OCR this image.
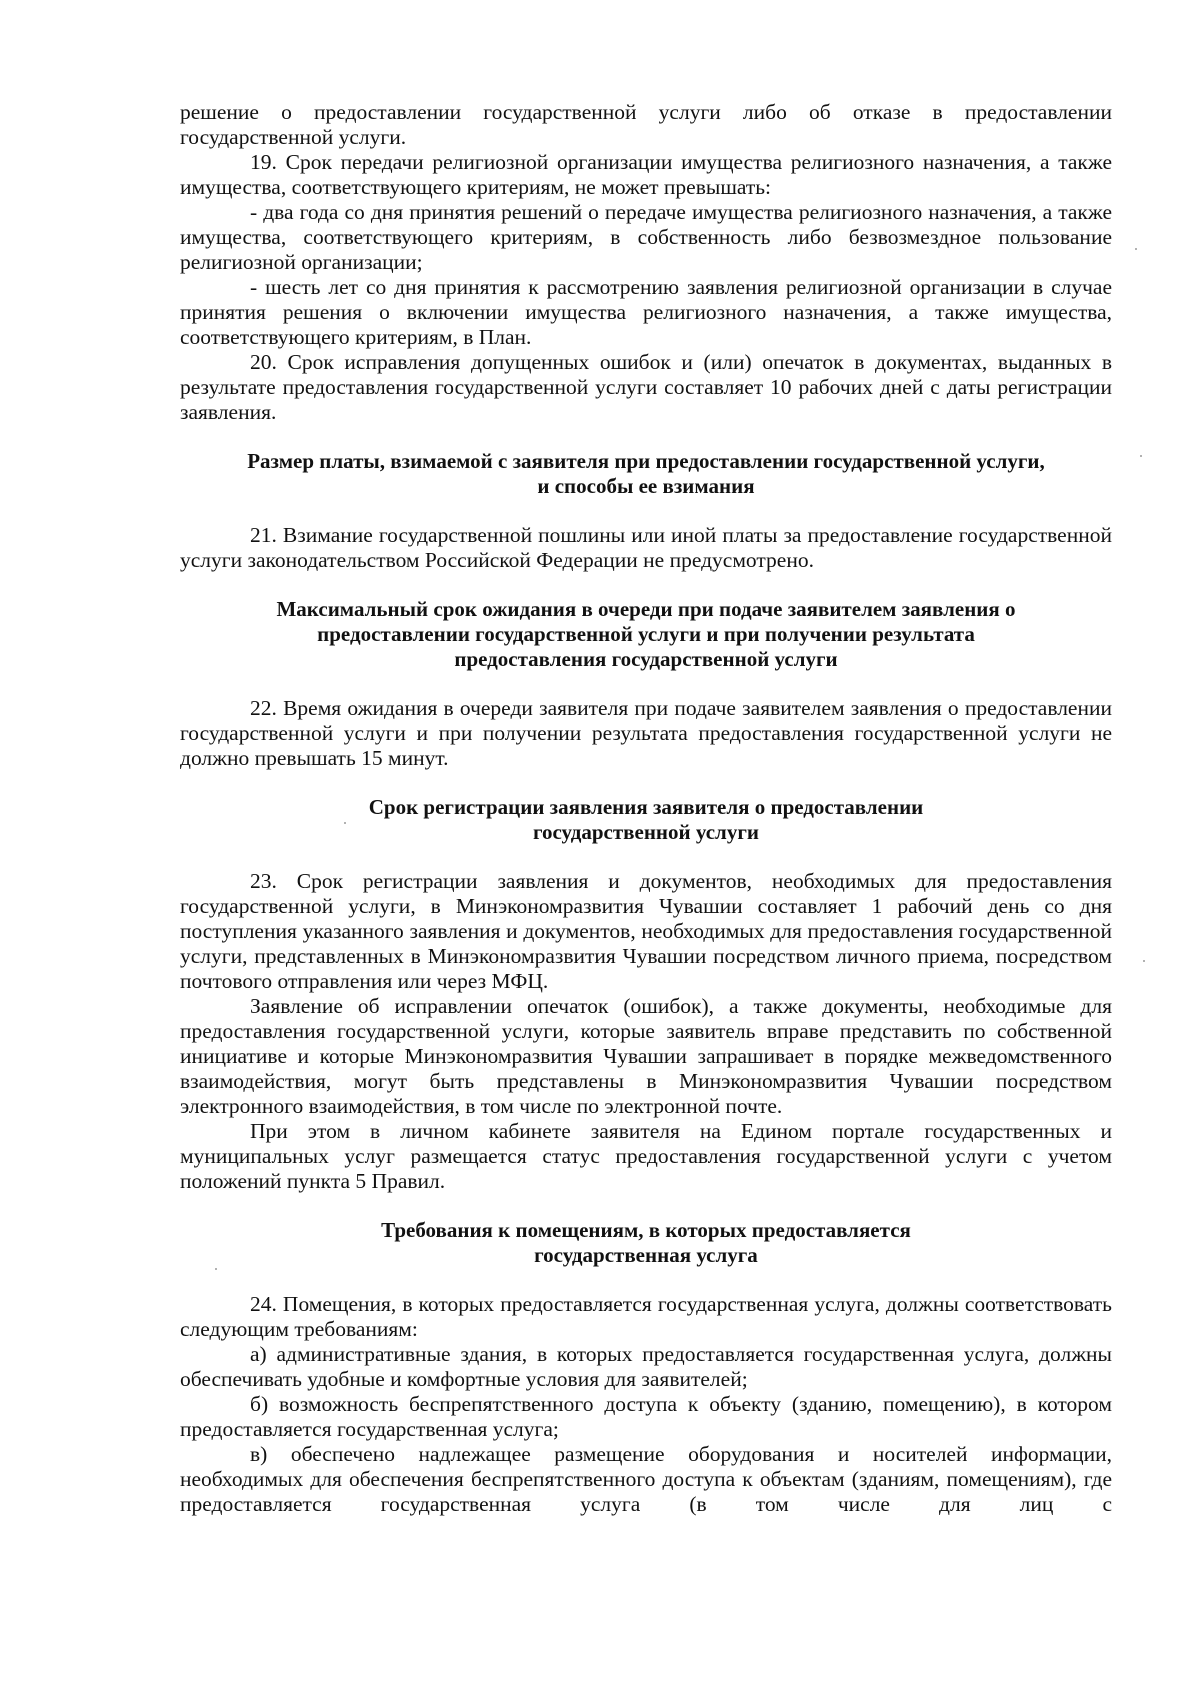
решение о предоставлении государственной услуги либо об отказе в предоставлении государственной услуги.

19. Срок передачи религиозной организации имущества религиозного назначения, а также имущества, соответствующего критериям, не может превышать:

- два года со дня принятия решений о передаче имущества религиозного назначения, а также имущества, соответствующего критериям, в собственность либо безвозмездное пользование религиозной организации;

- шесть лет со дня принятия к рассмотрению заявления религиозной организации в случае принятия решения о включении имущества религиозного назначения, а также имущества, соответствующего критериям, в План.

20. Срок исправления допущенных ошибок и (или) опечаток в документах, выданных в результате предоставления государственной услуги составляет 10 рабочих дней с даты регистрации заявления.

Размер платы, взимаемой с заявителя при предоставлении государственной услуги,
и способы ее взимания

21. Взимание государственной пошлины или иной платы за предоставление государственной услуги законодательством Российской Федерации не предусмотрено.

Максимальный срок ожидания в очереди при подаче заявителем заявления о
предоставлении государственной услуги и при получении результата
предоставления государственной услуги

22. Время ожидания в очереди заявителя при подаче заявителем заявления о предоставлении государственной услуги и при получении результата предоставления государственной услуги не должно превышать 15 минут.

Срок регистрации заявления заявителя о предоставлении
государственной услуги

23. Срок регистрации заявления и документов, необходимых для предоставления государственной услуги, в Минэкономразвития Чувашии составляет 1 рабочий день со дня поступления указанного заявления и документов, необходимых для предоставления государственной услуги, представленных в Минэкономразвития Чувашии посредством личного приема, посредством почтового отправления или через МФЦ.

Заявление об исправлении опечаток (ошибок), а также документы, необходимые для предоставления государственной услуги, которые заявитель вправе представить по собственной инициативе и которые Минэкономразвития Чувашии запрашивает в порядке межведомственного взаимодействия, могут быть представлены в Минэкономразвития Чувашии посредством электронного взаимодействия, в том числе по электронной почте.

При этом в личном кабинете заявителя на Едином портале государственных и муниципальных услуг размещается статус предоставления государственной услуги с учетом положений пункта 5 Правил.

Требования к помещениям, в которых предоставляется
государственная услуга

24. Помещения, в которых предоставляется государственная услуга, должны соответствовать следующим требованиям:

а) административные здания, в которых предоставляется государственная услуга, должны обеспечивать удобные и комфортные условия для заявителей;

б) возможность беспрепятственного доступа к объекту (зданию, помещению), в котором предоставляется государственная услуга;

в) обеспечено надлежащее размещение оборудования и носителей информации, необходимых для обеспечения беспрепятственного доступа к объектам (зданиям, помещениям), где предоставляется государственная услуга (в том числе для лиц с
